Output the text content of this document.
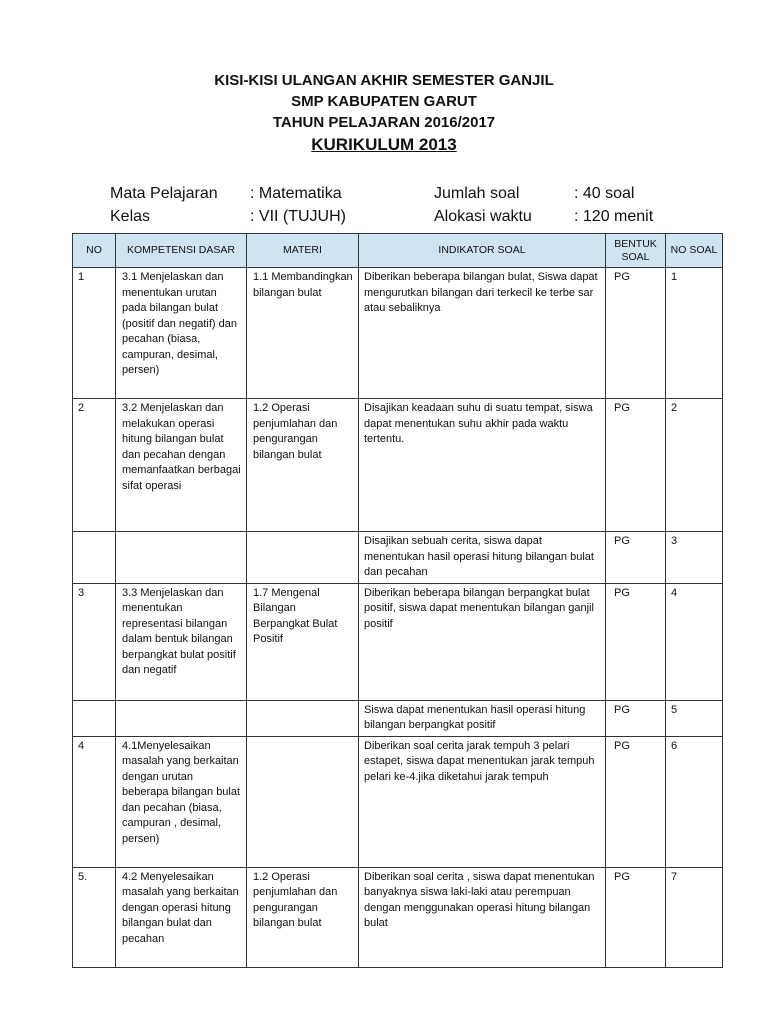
KISI-KISI ULANGAN AKHIR SEMESTER GANJIL
SMP KABUPATEN GARUT
TAHUN PELAJARAN 2016/2017
KURIKULUM 2013
Mata Pelajaran	: Matematika	Jumlah soal	: 40 soal
Kelas	: VII (TUJUH)	Alokasi waktu	: 120 menit
NO	KOMPETENSI DASAR	MATERI	INDIKATOR SOAL	BENTUK SOAL	NO SOAL
1	3.1 Menjelaskan dan menentukan urutan pada bilangan bulat (positif dan negatif) dan pecahan (biasa, campuran, desimal, persen)	1.1 Membandingkan bilangan bulat	Diberikan beberapa bilangan bulat, Siswa dapat mengurutkan bilangan dari terkecil ke terbe sar atau sebaliknya	PG	1
2	3.2 Menjelaskan dan melakukan operasi hitung bilangan bulat dan pecahan dengan memanfaatkan berbagai sifat operasi	1.2 Operasi penjumlahan dan pengurangan bilangan bulat	Disajikan keadaan suhu di suatu tempat, siswa dapat menentukan suhu akhir pada waktu tertentu.	PG	2
			Disajikan sebuah cerita, siswa dapat menentukan hasil operasi hitung bilangan bulat dan pecahan	PG	3
3	3.3 Menjelaskan dan menentukan representasi bilangan dalam bentuk bilangan berpangkat bulat positif dan negatif	1.7 Mengenal Bilangan Berpangkat Bulat Positif	Diberikan beberapa bilangan berpangkat bulat positif, siswa dapat menentukan bilangan ganjil positif	PG	4
			Siswa dapat menentukan hasil operasi hitung bilangan berpangkat positif	PG	5
4	4.1Menyelesaikan masalah yang berkaitan dengan urutan beberapa bilangan bulat dan pecahan (biasa, campuran , desimal, persen)		Diberikan soal cerita jarak tempuh 3 pelari estapet, siswa dapat menentukan jarak tempuh pelari ke-4.jika diketahui jarak tempuh	PG	6
5.	4.2 Menyelesaikan masalah yang berkaitan dengan operasi hitung bilangan bulat dan pecahan	1.2 Operasi penjumlahan dan pengurangan bilangan bulat	Diberikan soal cerita , siswa dapat menentukan banyaknya siswa laki-laki atau perempuan dengan menggunakan operasi hitung bilangan bulat	PG	7
